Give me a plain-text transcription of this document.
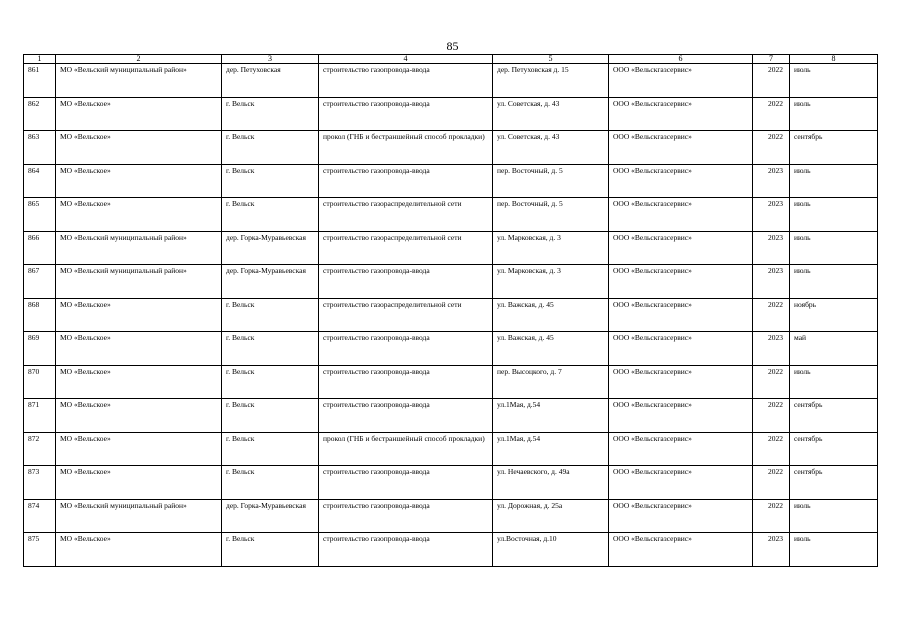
85
1	2	3	4	5	6	7	8
861	МО «Вельский муниципальный район»	дер. Петуховская	строительство газопровода-ввода	дер. Петуховская д. 15	ООО «Вельскгазсервис»	2022	июль
862	МО «Вельское»	г. Вельск	строительство газопровода-ввода	ул. Советская, д. 43	ООО «Вельскгазсервис»	2022	июль
863	МО «Вельское»	г. Вельск	прокол (ГНБ и бестраншейный способ прокладки)	ул. Советская, д. 43	ООО «Вельскгазсервис»	2022	сентябрь
864	МО «Вельское»	г. Вельск	строительство газопровода-ввода	пер. Восточный, д. 5	ООО «Вельскгазсервис»	2023	июль
865	МО «Вельское»	г. Вельск	строительство газораспределительной сети	пер. Восточный, д. 5	ООО «Вельскгазсервис»	2023	июль
866	МО «Вельский муниципальный район»	дер. Горка-Муравьевская	строительство газораспределительной сети	ул. Марковская, д. 3	ООО «Вельскгазсервис»	2023	июль
867	МО «Вельский муниципальный район»	дер. Горка-Муравьевская	строительство газопровода-ввода	ул. Марковская, д. 3	ООО «Вельскгазсервис»	2023	июль
868	МО «Вельское»	г. Вельск	строительство газораспределительной сети	ул. Важская, д. 45	ООО «Вельскгазсервис»	2022	ноябрь
869	МО «Вельское»	г. Вельск	строительство газопровода-ввода	ул. Важская, д. 45	ООО «Вельскгазсервис»	2023	май
870	МО «Вельское»	г. Вельск	строительство газопровода-ввода	пер. Высоцкого, д. 7	ООО «Вельскгазсервис»	2022	июль
871	МО «Вельское»	г. Вельск	строительство газопровода-ввода	ул.1Мая, д.54	ООО «Вельскгазсервис»	2022	сентябрь
872	МО «Вельское»	г. Вельск	прокол (ГНБ и бестраншейный способ прокладки)	ул.1Мая, д.54	ООО «Вельскгазсервис»	2022	сентябрь
873	МО «Вельское»	г. Вельск	строительство газопровода-ввода	ул. Нечаевского, д. 49а	ООО «Вельскгазсервис»	2022	сентябрь
874	МО «Вельский муниципальный район»	дер. Горка-Муравьевская	строительство газопровода-ввода	ул. Дорожная, д. 25а	ООО «Вельскгазсервис»	2022	июль
875	МО «Вельское»	г. Вельск	строительство газопровода-ввода	ул.Восточная, д.10	ООО «Вельскгазсервис»	2023	июль
